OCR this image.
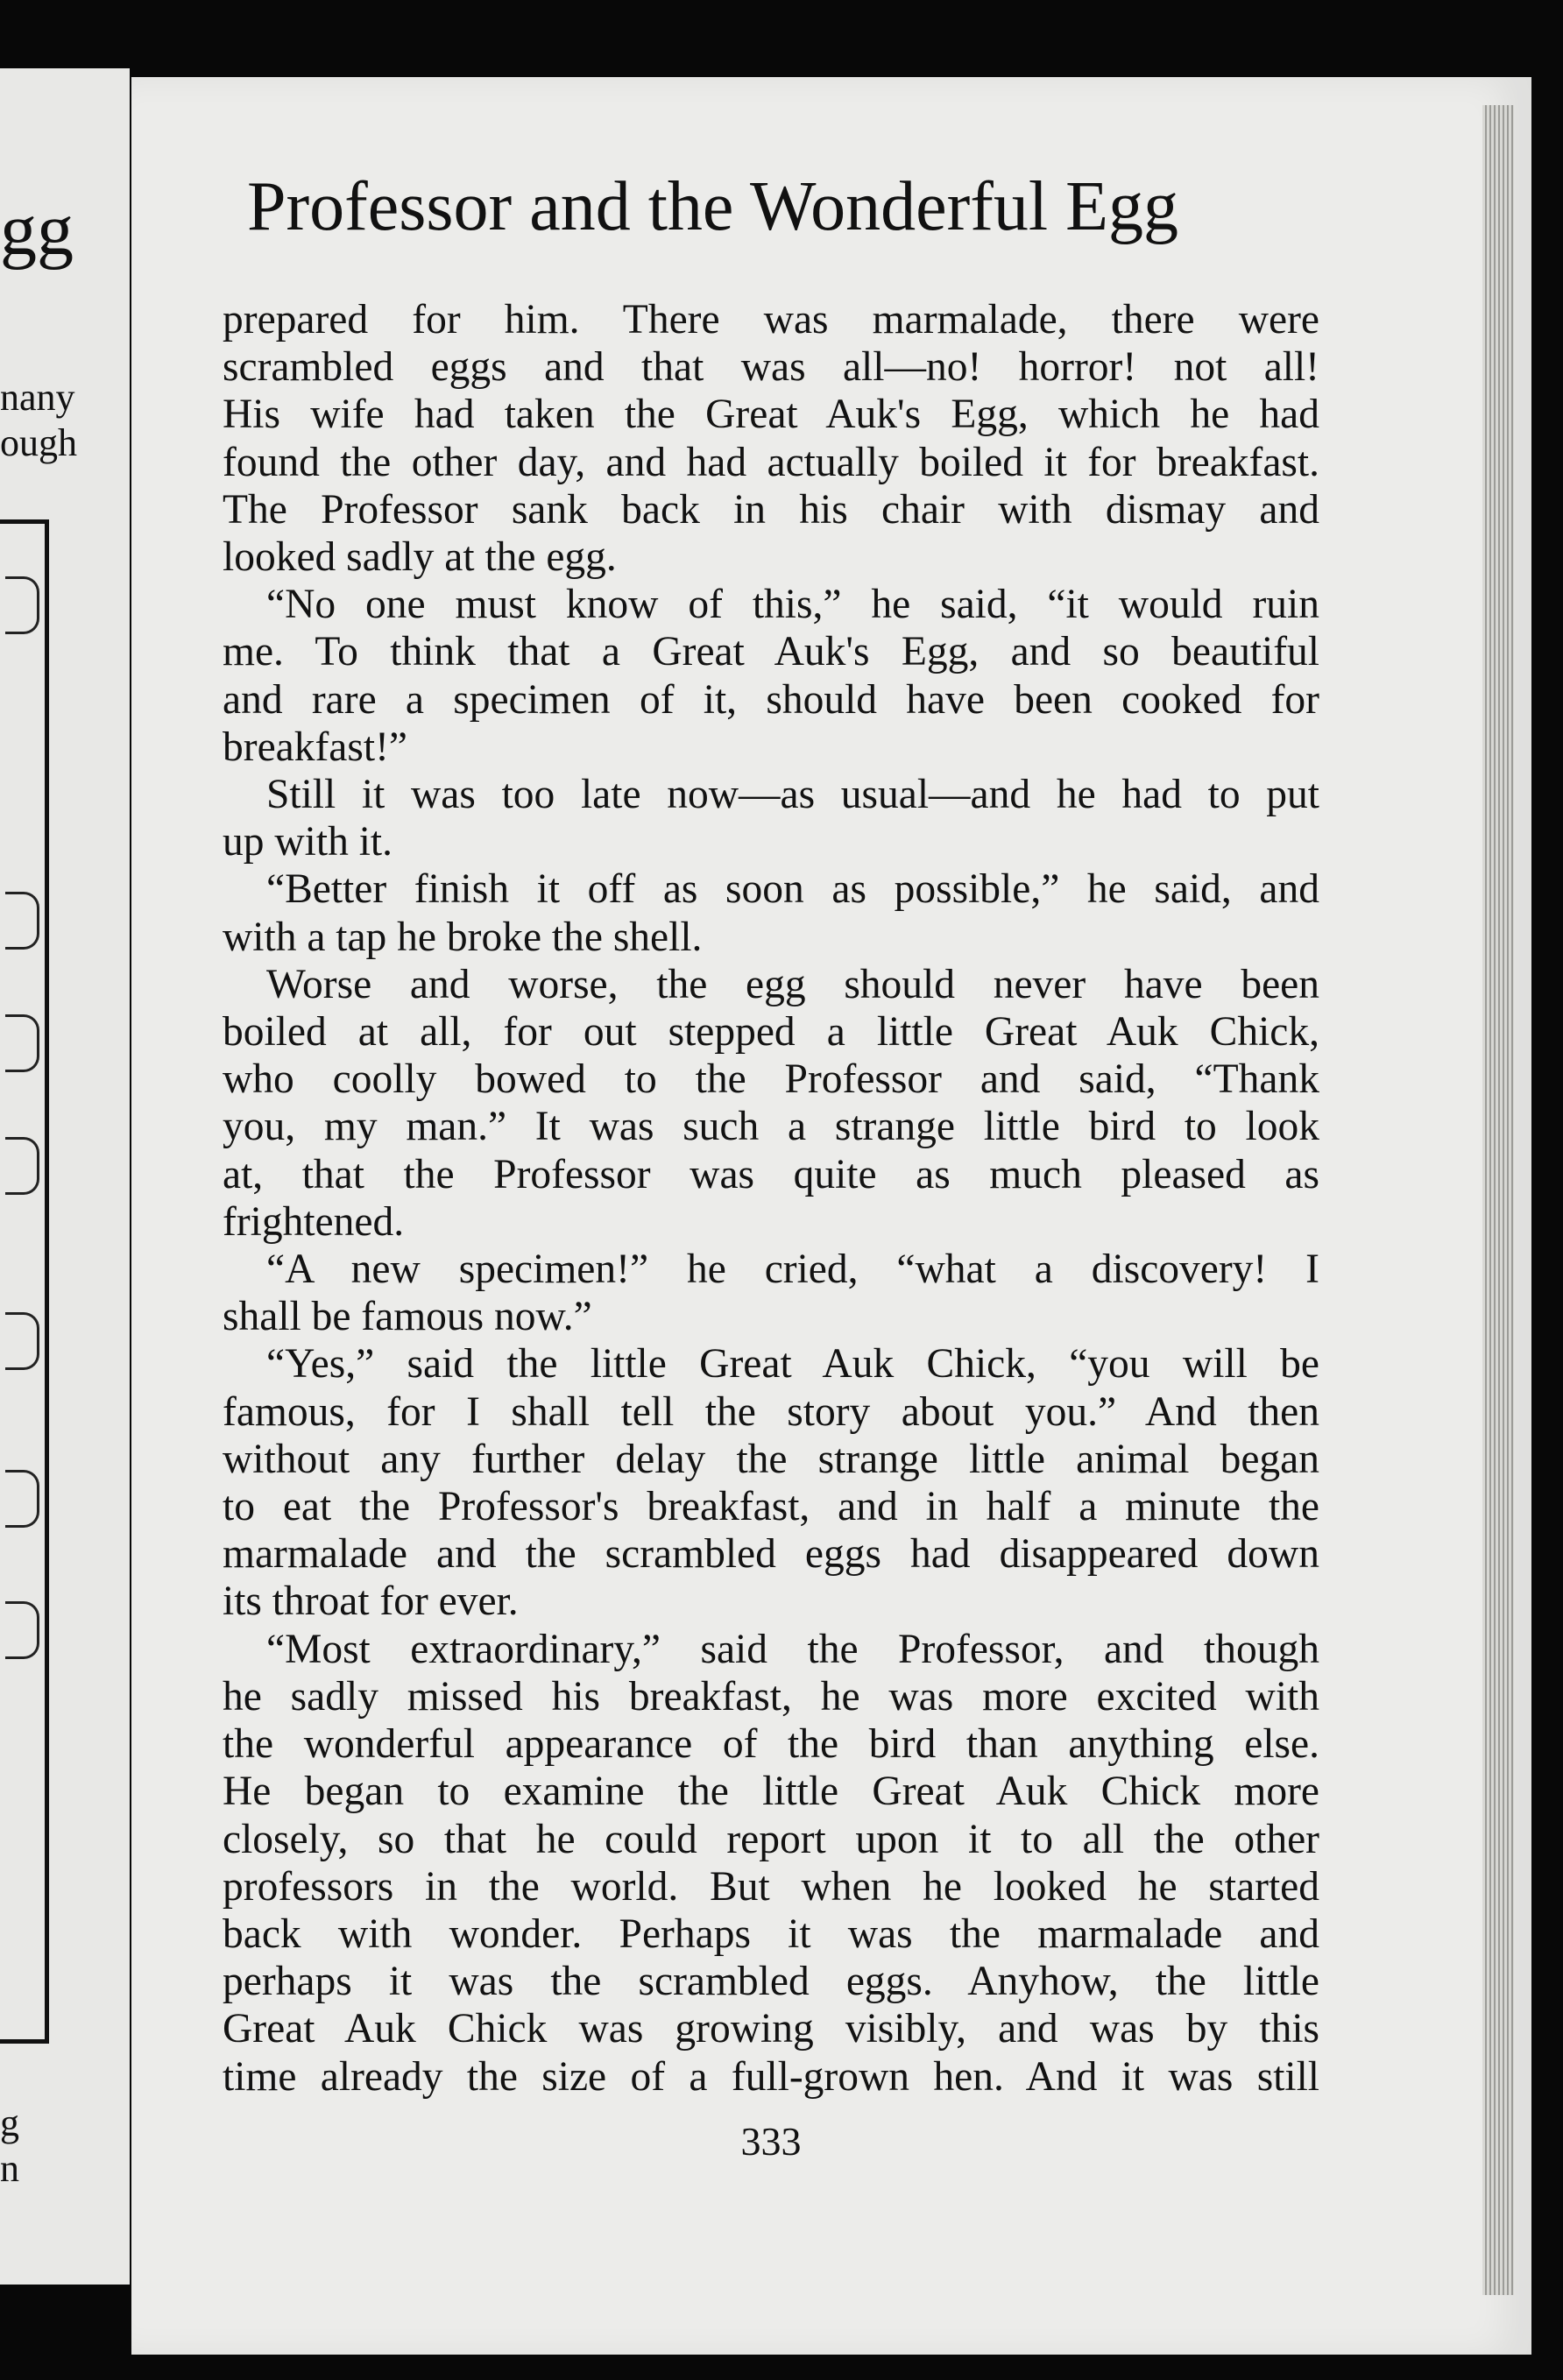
gg
nany
ough
g
n
Professor and the Wonderful Egg

prepared for him. There was marmalade, there were
scrambled eggs and that was all—no! horror! not all!
His wife had taken the Great Auk's Egg, which he had
found the other day, and had actually boiled it for breakfast.
The Professor sank back in his chair with dismay and
looked sadly at the egg.

“No one must know of this,” he said, “it would ruin
me. To think that a Great Auk's Egg, and so beautiful
and rare a specimen of it, should have been cooked for
breakfast!”

Still it was too late now—as usual—and he had to put
up with it.

“Better finish it off as soon as possible,” he said, and
with a tap he broke the shell.

Worse and worse, the egg should never have been
boiled at all, for out stepped a little Great Auk Chick,
who coolly bowed to the Professor and said, “Thank
you, my man.” It was such a strange little bird to look
at, that the Professor was quite as much pleased as
frightened.

“A new specimen!” he cried, “what a discovery! I
shall be famous now.”

“Yes,” said the little Great Auk Chick, “you will be
famous, for I shall tell the story about you.” And then
without any further delay the strange little animal began
to eat the Professor's breakfast, and in half a minute the
marmalade and the scrambled eggs had disappeared down
its throat for ever.

“Most extraordinary,” said the Professor, and though
he sadly missed his breakfast, he was more excited with
the wonderful appearance of the bird than anything else.
He began to examine the little Great Auk Chick more
closely, so that he could report upon it to all the other
professors in the world. But when he looked he started
back with wonder. Perhaps it was the marmalade and
perhaps it was the scrambled eggs. Anyhow, the little
Great Auk Chick was growing visibly, and was by this
time already the size of a full-grown hen. And it was still

333
